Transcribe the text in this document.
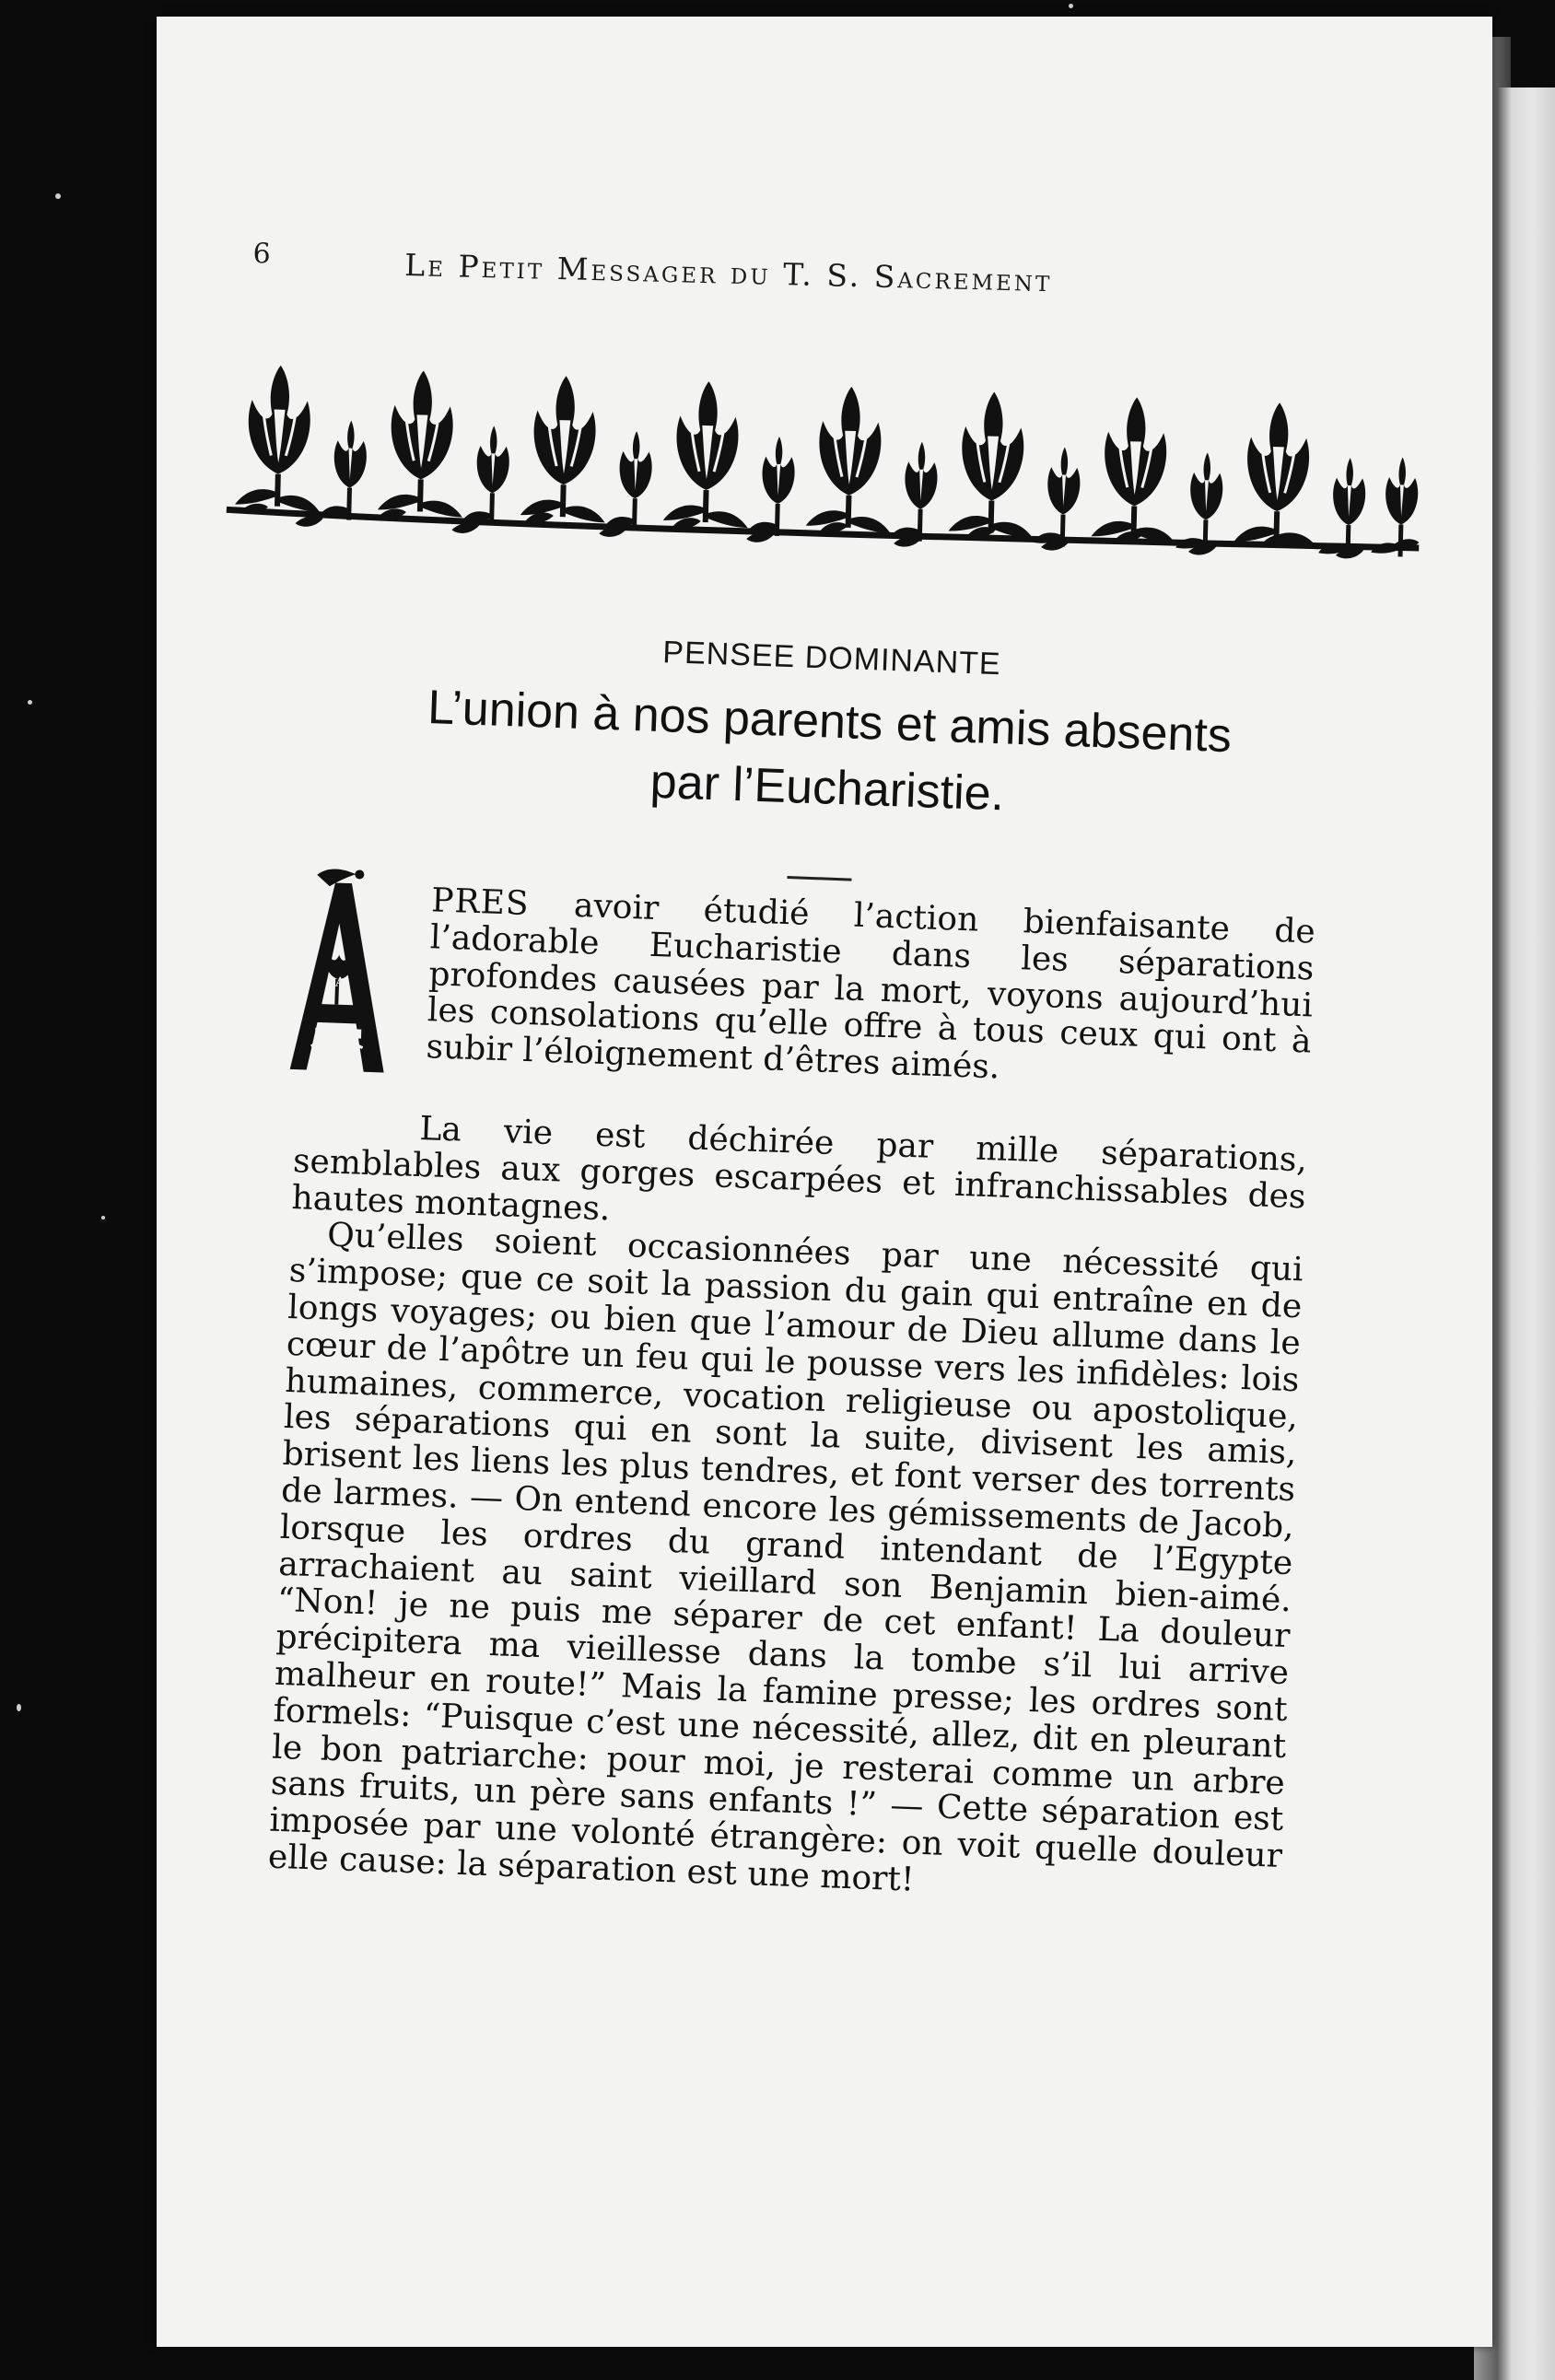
6	Le Petit Messager du T. S. Sacrement
PENSEE DOMINANTE
L’union à nos parents et amis absents
par l’Eucharistie.
A

PRES avoir étudié l’action bienfaisante de l’adorable Eucharistie dans les séparations profondes causées par la mort, voyons aujourd’hui les consolations qu’elle offre à tous ceux qui ont à subir l’éloignement d’êtres aimés.

La vie est déchirée par mille séparations, semblables aux gorges escarpées et infranchissables des hautes montagnes.

Qu’elles soient occasionnées par une nécessité qui s’impose; que ce soit la passion du gain qui entraîne en de longs voyages; ou bien que l’amour de Dieu allume dans le cœur de l’apôtre un feu qui le pousse vers les infidèles: lois humaines, commerce, vocation religieuse ou apostolique, les séparations qui en sont la suite, divisent les amis, brisent les liens les plus tendres, et font verser des torrents de larmes. — On entend encore les gémissements de Jacob, lorsque les ordres du grand intendant de l’Egypte arrachaient au saint vieillard son Benjamin bien-aimé. “Non! je ne puis me séparer de cet enfant! La douleur précipitera ma vieillesse dans la tombe s’il lui arrive malheur en route!” Mais la famine presse; les ordres sont formels: “Puisque c’est une nécessité, allez, dit en pleurant le bon patriarche: pour moi, je resterai comme un arbre sans fruits, un père sans enfants !” — Cette séparation est imposée par une volonté étrangère: on voit quelle douleur elle cause: la séparation est une mort!
